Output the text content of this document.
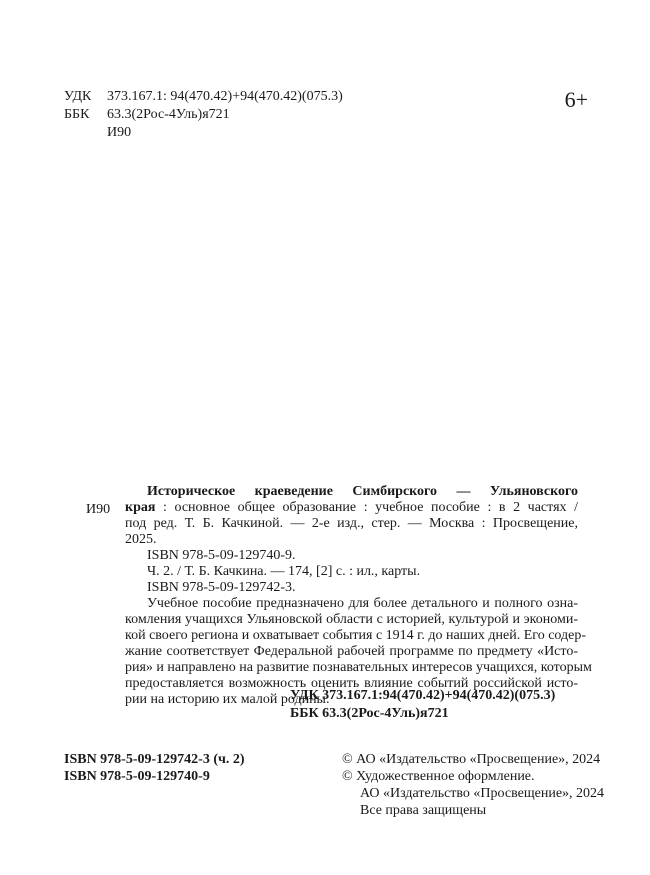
УДК 373.167.1: 94(470.42)+94(470.42)(075.3)
ББК 63.3(2Рос-4Уль)я721
И90
6+
И90
Историческое краеведение Симбирского — Ульяновского
края : основное общее образование : учебное пособие : в 2 частях /
под ред. Т. Б. Качкиной. — 2-е изд., стер. — Москва : Просвещение,
2025.
ISBN 978-5-09-129740-9.
Ч. 2. / Т. Б. Качкина. — 174, [2] с. : ил., карты.
ISBN 978-5-09-129742-3.
Учебное пособие предназначено для более детального и полного озна-
комления учащихся Ульяновской области с историей, культурой и экономи-
кой своего региона и охватывает события с 1914 г. до наших дней. Его содер-
жание соответствует Федеральной рабочей программе по предмету «Исто-
рия» и направлено на развитие познавательных интересов учащихся, которым
предоставляется возможность оценить влияние событий российской исто-
рии на историю их малой родины.
УДК 373.167.1:94(470.42)+94(470.42)(075.3)
ББК 63.3(2Рос-4Уль)я721
ISBN 978-5-09-129742-3 (ч. 2)
ISBN 978-5-09-129740-9
© АО «Издательство «Просвещение», 2024
© Художественное оформление.
АО «Издательство «Просвещение», 2024
Все права защищены
